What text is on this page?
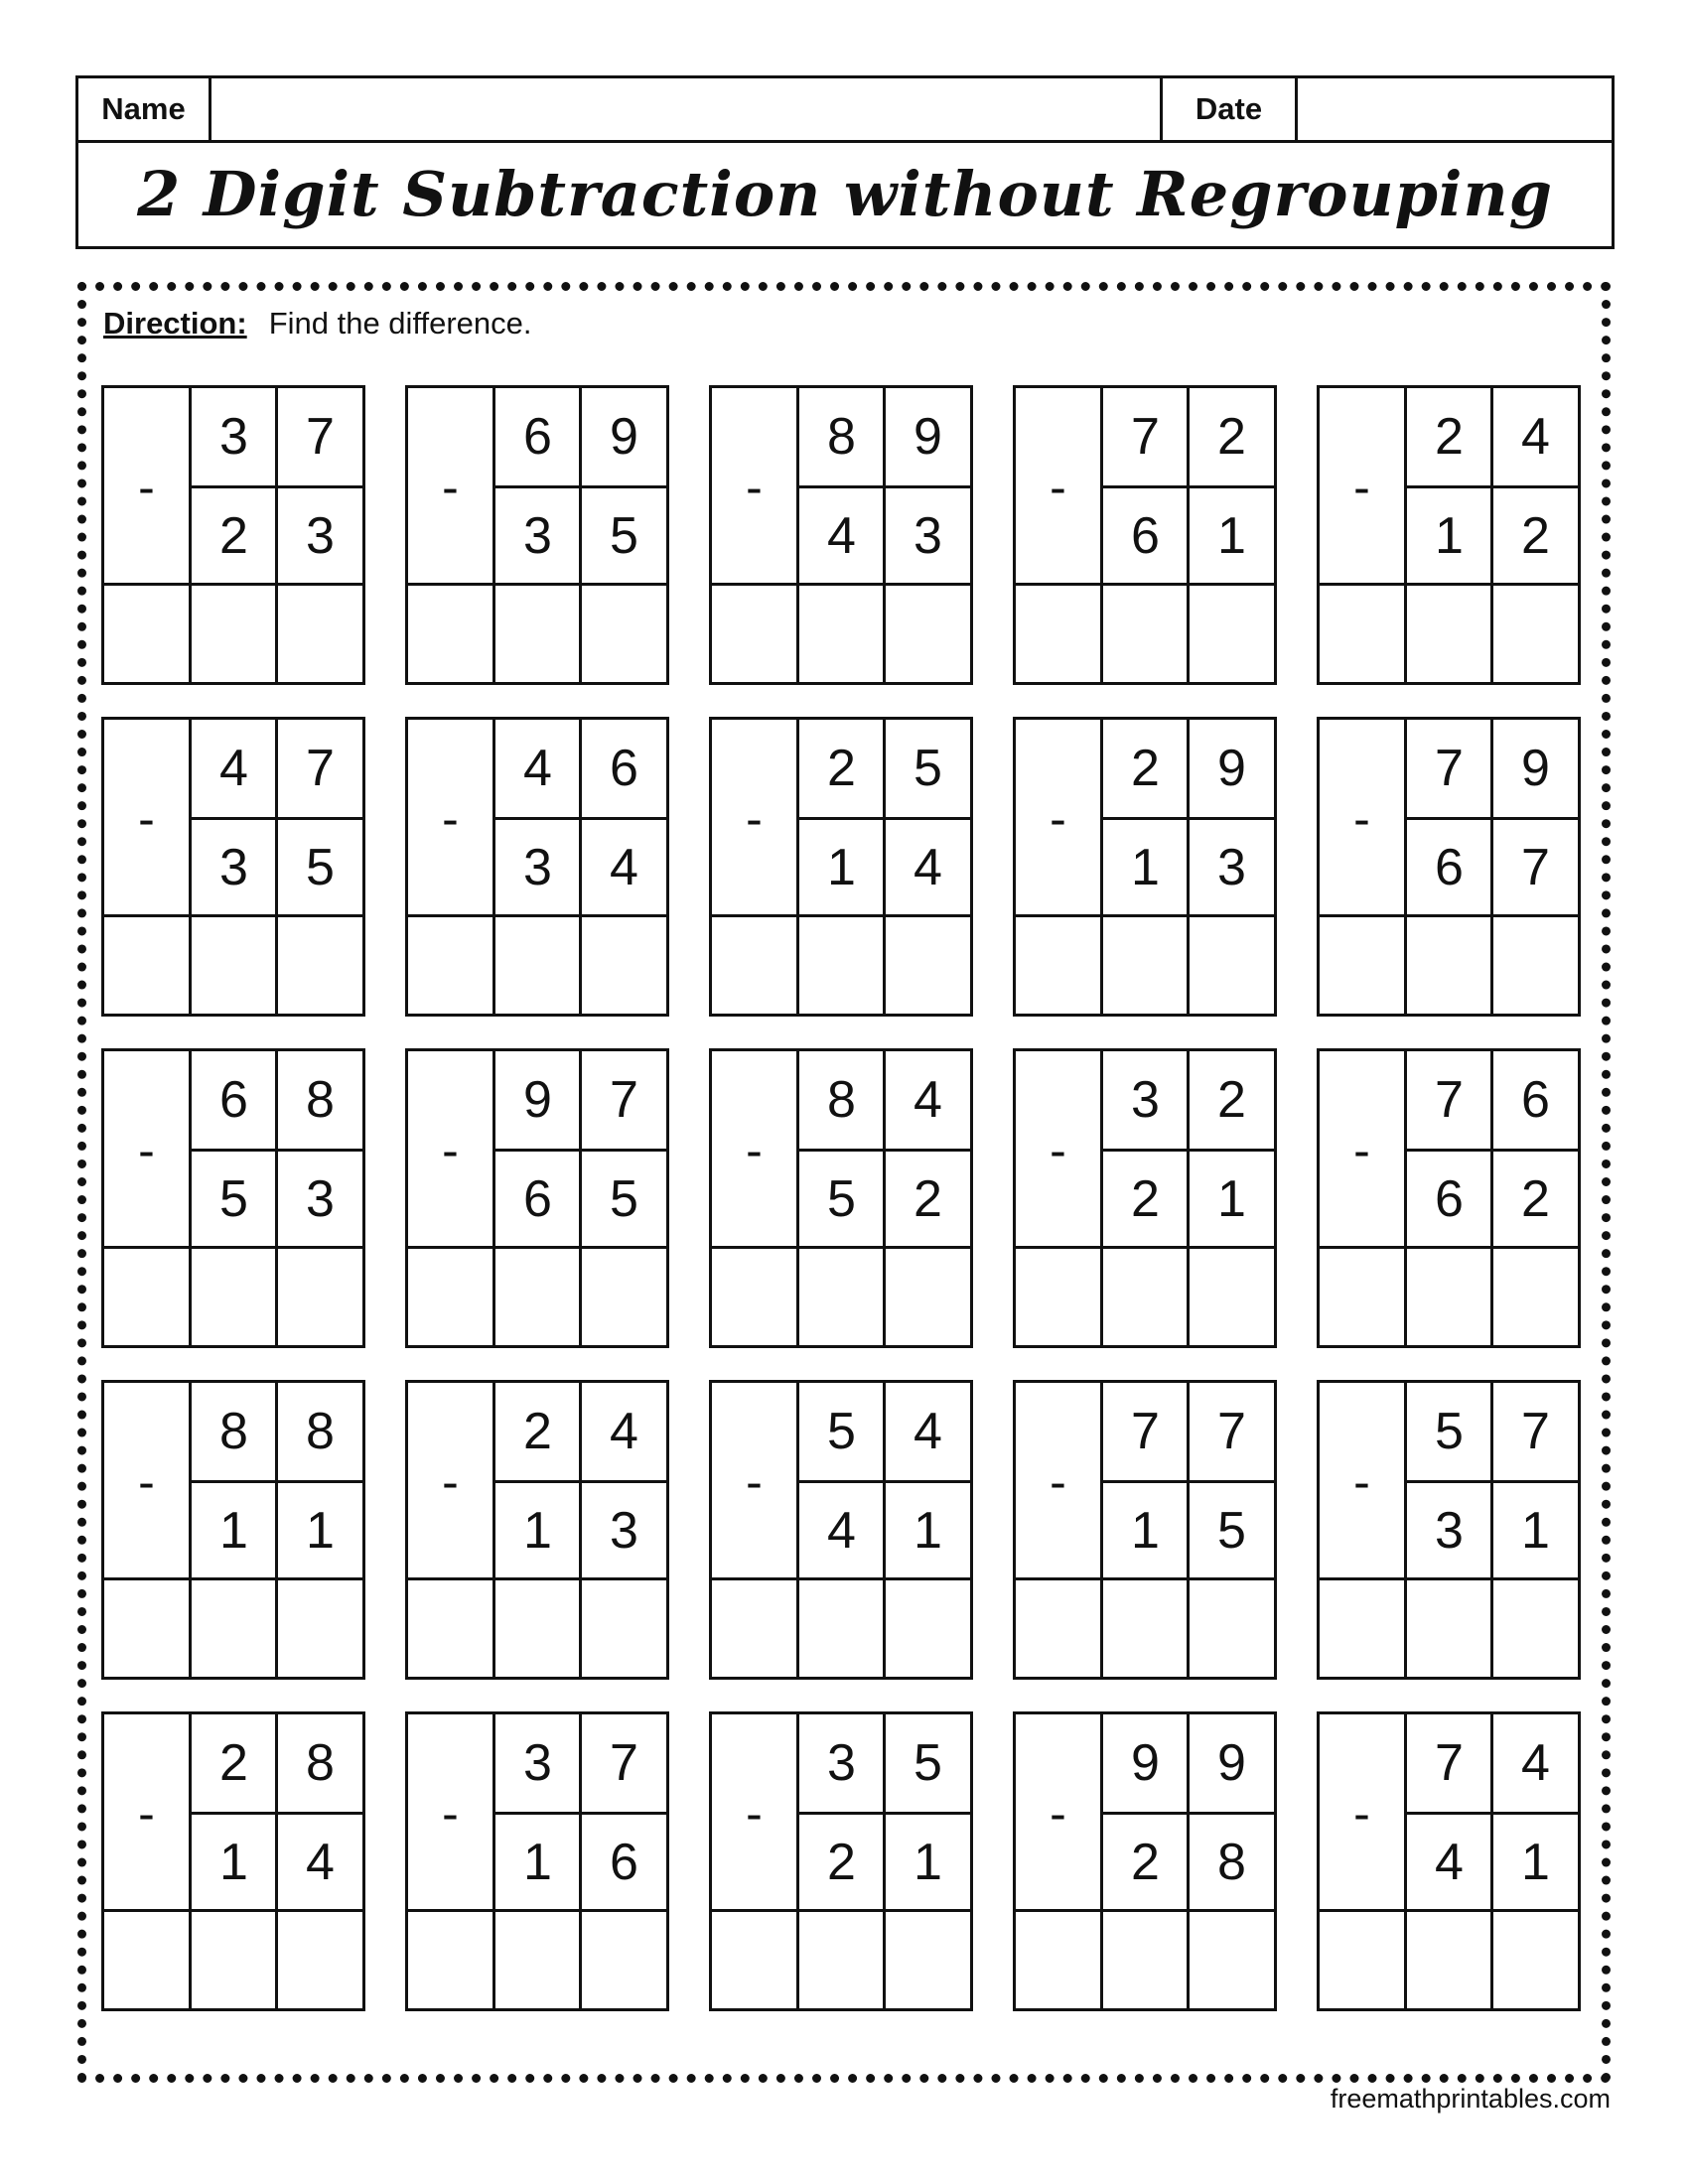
Name	Date
2 Digit Subtraction without Regrouping
Direction: Find the difference.
-
3	7
2	3
-
6	9
3	5
-
8	9
4	3
-
7	2
6	1
-
2	4
1	2
-
4	7
3	5
-
4	6
3	4
-
2	5
1	4
-
2	9
1	3
-
7	9
6	7
-
6	8
5	3
-
9	7
6	5
-
8	4
5	2
-
3	2
2	1
-
7	6
6	2
-
8	8
1	1
-
2	4
1	3
-
5	4
4	1
-
7	7
1	5
-
5	7
3	1
-
2	8
1	4
-
3	7
1	6
-
3	5
2	1
-
9	9
2	8
-
7	4
4	1
freemathprintables.com
